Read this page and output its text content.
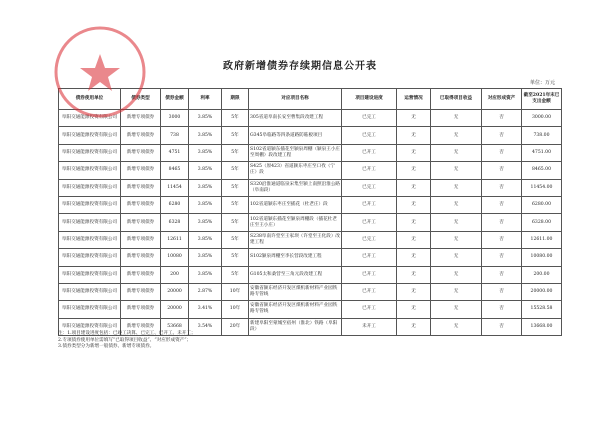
政府新增债券存续期信息公开表
单位：万元
债券使用单位	债券类型	债券金额	利率	期限	对应项目名称	项目建设进度	运营情况	已取得项目收益	对应形成资产	截至2021年末已支出金额
阜阳交通能源投资有限公司	新增专项债券	3000	3.85%	5年	305省道阜南长安至曹集段改建工程	已完工	无	无	否	3000.00
阜阳交通能源投资有限公司	新增专项债券	738	3.85%	5年	G345阜临路等四条道路防眩板项目	已完工	无	无	否	738.00
阜阳交通能源投资有限公司	新增专项债券	4751	3.85%	5年	S102省道颍东插花至颍泉周棚（颍泉王小庄至周棚）段改建工程	已开工	无	无	否	4751.00
阜阳交通能源投资有限公司	新增专项债券	8465	3.85%	5年	S425（原423）省道颍东枣庄至口孜（宁庄）段	已开工	无	无	否	8465.00
阜阳交通能源投资有限公司	新增专项债券	11454	3.85%	5年	S320沿淮通道临泉宋集至颍上南照沿淮公路（阜南段）	已完工	无	无	否	11454.00
阜阳交通能源投资有限公司	新增专项债券	6280	3.85%	5年	102省道颍东枣庄至插花（杜老庄）段	已开工	无	无	否	6280.00
阜阳交通能源投资有限公司	新增专项债券	6328	3.85%	5年	102省道颍东插花至颍泉周棚段（插花杜老庄至王小庄）	已开工	无	无	否	6328.00
阜阳交通能源投资有限公司	新增专项债券	12611	3.85%	5年	S238阜南许堂至王家坝（许堂至王化段）改建工程	已完工	无	无	否	12611.00
阜阳交通能源投资有限公司	新增专项债券	10080	3.85%	5年	S102颍泉周棚至李长营段改建工程	已开工	无	无	否	10080.00
阜阳交通能源投资有限公司	新增专项债券	200	3.85%	5年	G105太和桑营至三角元段改建工程	已开工	无	无	否	200.00
阜阳交通能源投资有限公司	新增专项债券	20000	2.87%	10年	安徽省颍东经济开发区煤机新材料产业园铁路专管线	已开工	无	无	否	20000.00
阜阳交通能源投资有限公司	新增专项债券	20000	3.41%	10年	安徽省颍东经济开发区煤机新材料产业园铁路专管线	已开工	无	无	否	15528.58
阜阳交通能源投资有限公司	新增专项债券	53668	3.54%	20年	新建阜阳至蒙城至宿州（淮北）铁路（阜阳段）	未开工	无	无	否	13668.00
注：1.项目建设进度包括：已竣工决算、已完工、已开工、未开工；
2.专项债券使用单位需填写“已取得项目收益”、“对应形成资产”；
3.债券类型分为新增一般债券、新增专项债券。
